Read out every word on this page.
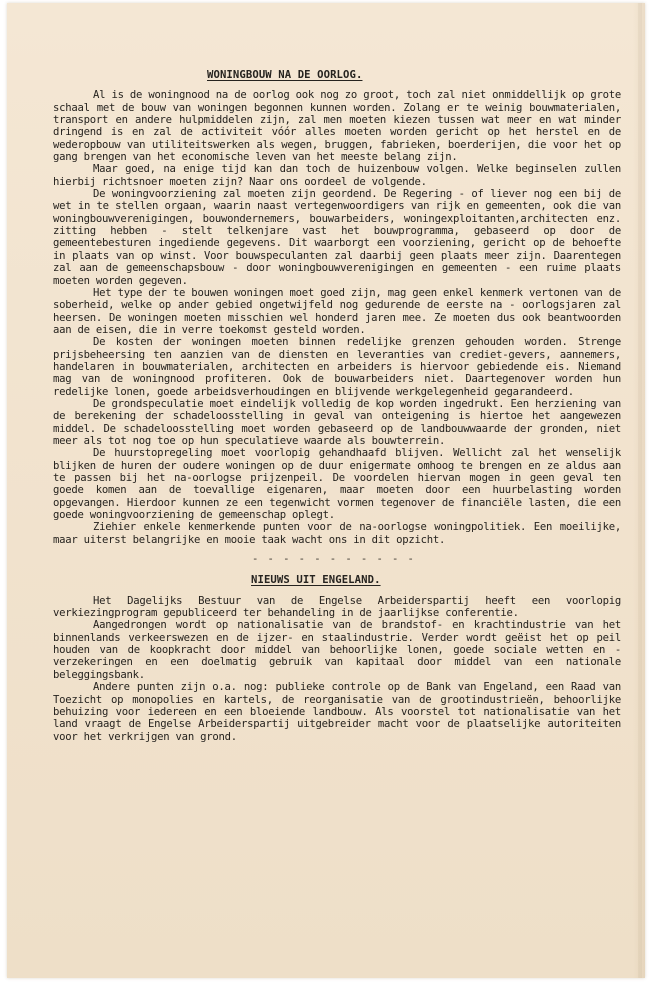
WONINGBOUW NA DE OORLOG.

Al is de woningnood na de oorlog ook nog zo groot, toch zal niet onmiddellijk op grote schaal met de bouw van woningen begonnen kunnen worden. Zolang er te weinig bouwmaterialen, transport en andere hulpmiddelen zijn, zal men moeten kiezen tussen wat meer en wat minder dringend is en zal de activiteit vóór alles moeten worden gericht op het herstel en de wederopbouw van utiliteitswerken als wegen, bruggen, fabrieken, boerderijen, die voor het op gang brengen van het economische leven van het meeste belang zijn.

Maar goed, na enige tijd kan dan toch de huizenbouw volgen. Welke beginselen zullen hierbij richtsnoer moeten zijn? Naar ons oordeel de volgende.

De woningvoorziening zal moeten zijn geordend. De Regering - of liever nog een bij de wet in te stellen orgaan, waarin naast vertegenwoordigers van rijk en gemeenten, ook die van woningbouwverenigingen, bouwondernemers, bouwarbeiders, woningexploitanten,architecten enz. zitting hebben - stelt telkenjare vast het bouwprogramma, gebaseerd op door de gemeentebesturen ingediende gegevens. Dit waarborgt een voorziening, gericht op de behoefte in plaats van op winst. Voor bouwspeculanten zal daarbij geen plaats meer zijn. Daarentegen zal aan de gemeenschapsbouw - door woningbouwverenigingen en gemeenten - een ruime plaats moeten worden gegeven.

Het type der te bouwen woningen moet goed zijn, mag geen enkel kenmerk vertonen van de soberheid, welke op ander gebied ongetwijfeld nog gedurende de eerste na - oorlogsjaren zal heersen. De woningen moeten misschien wel honderd jaren mee. Ze moeten dus ook beantwoorden aan de eisen, die in verre toekomst gesteld worden.

De kosten der woningen moeten binnen redelijke grenzen gehouden worden. Strenge prijsbeheersing ten aanzien van de diensten en leveranties van crediet-gevers, aannemers, handelaren in bouwmaterialen, architecten en arbeiders is hiervoor gebiedende eis. Niemand mag van de woningnood profiteren. Ook de bouwarbeiders niet. Daartegenover worden hun redelijke lonen, goede arbeidsverhoudingen en blijvende werkgelegenheid gegarandeerd.

De grondspeculatie moet eindelijk volledig de kop worden ingedrukt. Een herziening van de berekening der schadeloosstelling in geval van onteigening is hiertoe het aangewezen middel. De schadeloosstelling moet worden gebaseerd op de landbouwwaarde der gronden, niet meer als tot nog toe op hun speculatieve waarde als bouwterrein.

De huurstopregeling moet voorlopig gehandhaafd blijven. Wellicht zal het wenselijk blijken de huren der oudere woningen op de duur enigermate omhoog te brengen en ze aldus aan te passen bij het na-oorlogse prijzenpeil. De voordelen hiervan mogen in geen geval ten goede komen aan de toevallige eigenaren, maar moeten door een huurbelasting worden opgevangen. Hierdoor kunnen ze een tegenwicht vormen tegenover de financiële lasten, die een goede woningvoorziening de gemeenschap oplegt.

Ziehier enkele kenmerkende punten voor de na-oorlogse woningpolitiek. Een moeilijke, maar uiterst belangrijke en mooie taak wacht ons in dit opzicht.

- - - - - - - - - - -
NIEUWS UIT ENGELAND.

Het Dagelijks Bestuur van de Engelse Arbeiderspartij heeft een voorlopig verkiezingprogram gepubliceerd ter behandeling in de jaarlijkse conferentie.

Aangedrongen wordt op nationalisatie van de brandstof- en krachtindustrie van het binnenlands verkeerswezen en de ijzer- en staalindustrie. Verder wordt geëist het op peil houden van de koopkracht door middel van behoorlijke lonen, goede sociale wetten en - verzekeringen en een doelmatig gebruik van kapitaal door middel van een nationale beleggingsbank.

Andere punten zijn o.a. nog: publieke controle op de Bank van Engeland, een Raad van Toezicht op monopolies en kartels, de reorganisatie van de grootindustrieën, behoorlijke behuizing voor iedereen en een bloeiende landbouw. Als voorstel tot nationalisatie van het land vraagt de Engelse Arbeiderspartij uitgebreider macht voor de plaatselijke autoriteiten voor het verkrijgen van grond.
